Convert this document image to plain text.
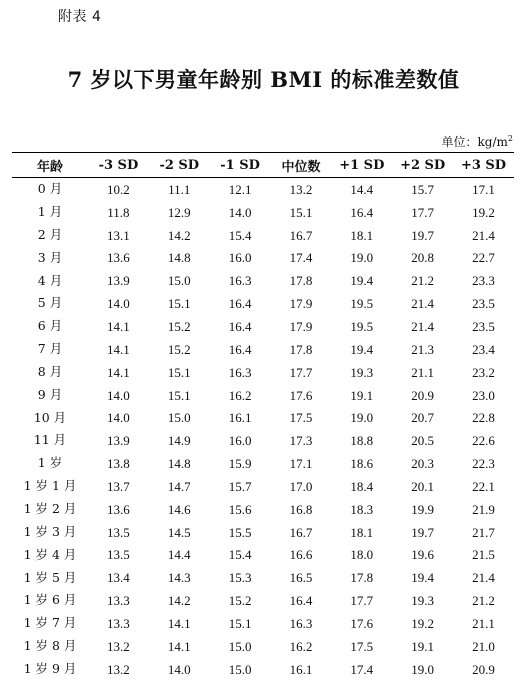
附表 4
7 岁以下男童年龄别 BMI 的标准差数值
单位：$kg/m^2$
年龄	-3 SD	-2 SD	-1 SD	中位数	+1 SD	+2 SD	+3 SD
0 月	10.2	11.1	12.1	13.2	14.4	15.7	17.1
1 月	11.8	12.9	14.0	15.1	16.4	17.7	19.2
2 月	13.1	14.2	15.4	16.7	18.1	19.7	21.4
3 月	13.6	14.8	16.0	17.4	19.0	20.8	22.7
4 月	13.9	15.0	16.3	17.8	19.4	21.2	23.3
5 月	14.0	15.1	16.4	17.9	19.5	21.4	23.5
6 月	14.1	15.2	16.4	17.9	19.5	21.4	23.5
7 月	14.1	15.2	16.4	17.8	19.4	21.3	23.4
8 月	14.1	15.1	16.3	17.7	19.3	21.1	23.2
9 月	14.0	15.1	16.2	17.6	19.1	20.9	23.0
10 月	14.0	15.0	16.1	17.5	19.0	20.7	22.8
11 月	13.9	14.9	16.0	17.3	18.8	20.5	22.6
1 岁	13.8	14.8	15.9	17.1	18.6	20.3	22.3
1 岁 1 月	13.7	14.7	15.7	17.0	18.4	20.1	22.1
1 岁 2 月	13.6	14.6	15.6	16.8	18.3	19.9	21.9
1 岁 3 月	13.5	14.5	15.5	16.7	18.1	19.7	21.7
1 岁 4 月	13.5	14.4	15.4	16.6	18.0	19.6	21.5
1 岁 5 月	13.4	14.3	15.3	16.5	17.8	19.4	21.4
1 岁 6 月	13.3	14.2	15.2	16.4	17.7	19.3	21.2
1 岁 7 月	13.3	14.1	15.1	16.3	17.6	19.2	21.1
1 岁 8 月	13.2	14.1	15.0	16.2	17.5	19.1	21.0
1 岁 9 月	13.2	14.0	15.0	16.1	17.4	19.0	20.9
